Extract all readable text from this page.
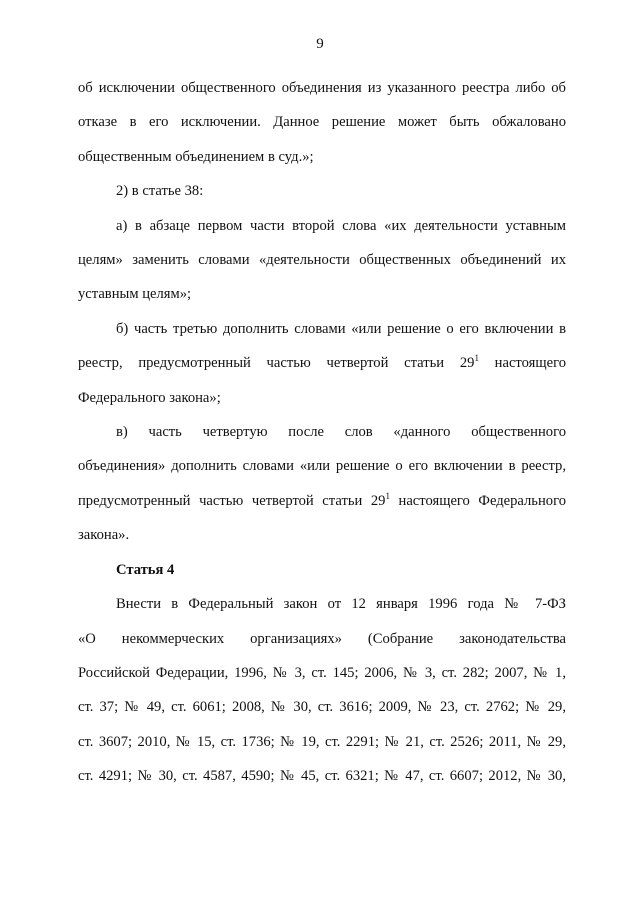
9

об исключении общественного объединения из указанного реестра либо об

отказе в его исключении. Данное решение может быть обжаловано

общественным объединением в суд.»;

2) в статье 38:

а) в абзаце первом части второй слова «их деятельности уставным

целям» заменить словами «деятельности общественных объединений их

уставным целям»;

б) часть третью дополнить словами «или решение о его включении в

реестр, предусмотренный частью четвертой статьи $29^1$ настоящего

Федерального закона»;

в) часть четвертую после слов «данного общественного

объединения» дополнить словами «или решение о его включении в реестр,

предусмотренный частью четвертой статьи $29^1$ настоящего Федерального

закона».

Статья 4

Внести в Федеральный закон от 12 января 1996 года № 7-ФЗ

«О некоммерческих организациях» (Собрание законодательства

Российской Федерации, 1996, № 3, ст. 145; 2006, № 3, ст. 282; 2007, № 1,

ст. 37; № 49, ст. 6061; 2008, № 30, ст. 3616; 2009, № 23, ст. 2762; № 29,

ст. 3607; 2010, № 15, ст. 1736; № 19, ст. 2291; № 21, ст. 2526; 2011, № 29,

ст. 4291; № 30, ст. 4587, 4590; № 45, ст. 6321; № 47, ст. 6607; 2012, № 30,
